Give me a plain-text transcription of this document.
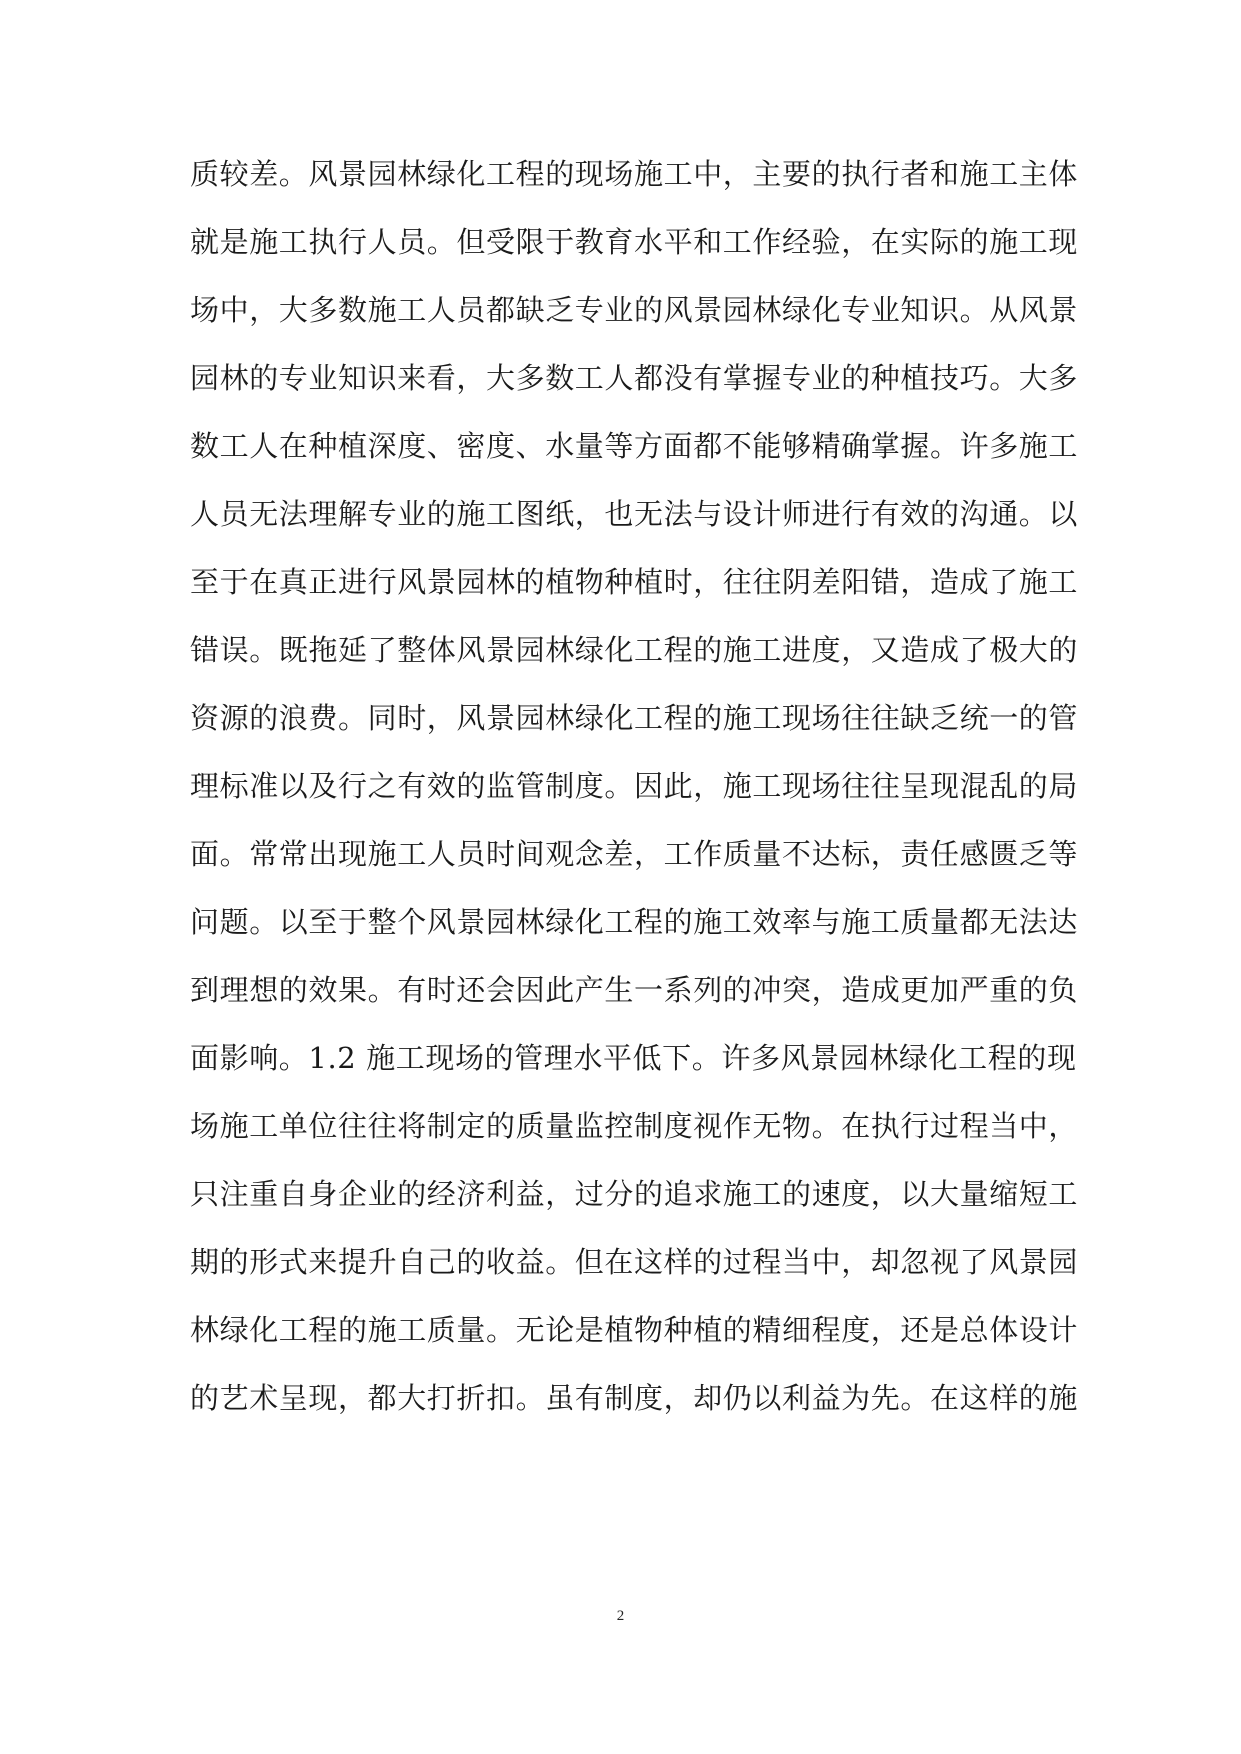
质较差。风景园林绿化工程的现场施工中，主要的执行者和施工主体
就是施工执行人员。但受限于教育水平和工作经验，在实际的施工现
场中，大多数施工人员都缺乏专业的风景园林绿化专业知识。从风景
园林的专业知识来看，大多数工人都没有掌握专业的种植技巧。大多
数工人在种植深度、密度、水量等方面都不能够精确掌握。许多施工
人员无法理解专业的施工图纸，也无法与设计师进行有效的沟通。以
至于在真正进行风景园林的植物种植时，往往阴差阳错，造成了施工
错误。既拖延了整体风景园林绿化工程的施工进度，又造成了极大的
资源的浪费。同时，风景园林绿化工程的施工现场往往缺乏统一的管
理标准以及行之有效的监管制度。因此，施工现场往往呈现混乱的局
面。常常出现施工人员时间观念差，工作质量不达标，责任感匮乏等
问题。以至于整个风景园林绿化工程的施工效率与施工质量都无法达
到理想的效果。有时还会因此产生一系列的冲突，造成更加严重的负
面影响。1.2 施工现场的管理水平低下。许多风景园林绿化工程的现
场施工单位往往将制定的质量监控制度视作无物。在执行过程当中，
只注重自身企业的经济利益，过分的追求施工的速度，以大量缩短工
期的形式来提升自己的收益。但在这样的过程当中，却忽视了风景园
林绿化工程的施工质量。无论是植物种植的精细程度，还是总体设计
的艺术呈现，都大打折扣。虽有制度，却仍以利益为先。在这样的施
2
